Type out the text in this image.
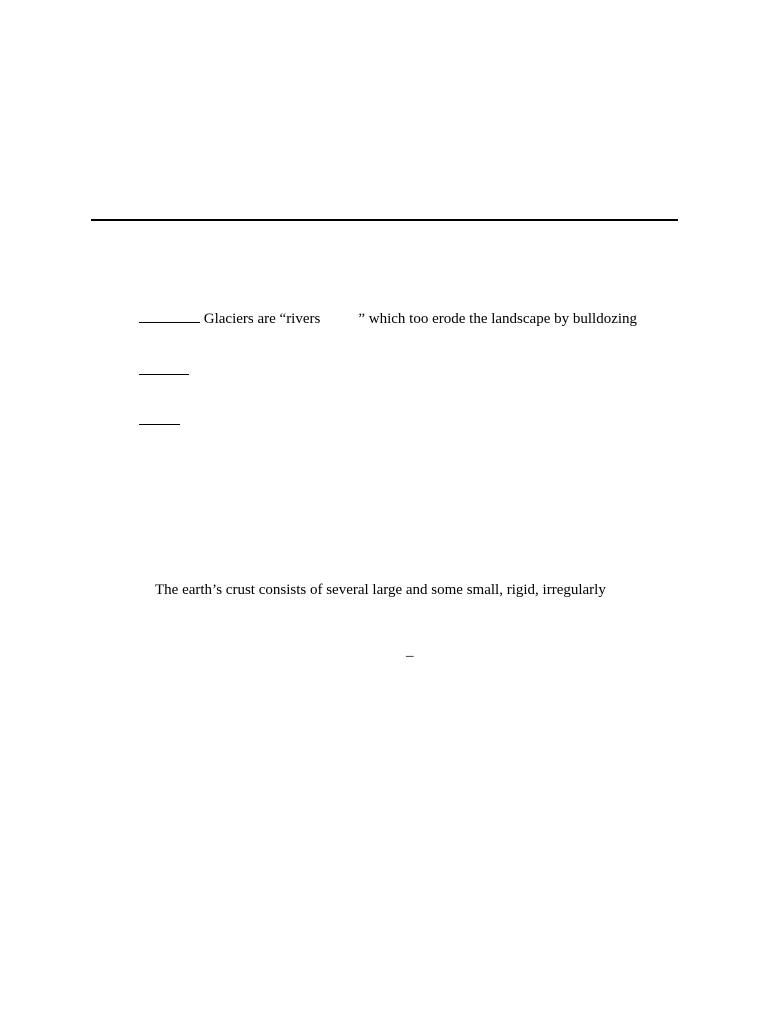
Glaciers are “rivers	” which too erode the landscape by bulldozing
The earth’s crust consists of several large and some small, rigid, irregularly
_
